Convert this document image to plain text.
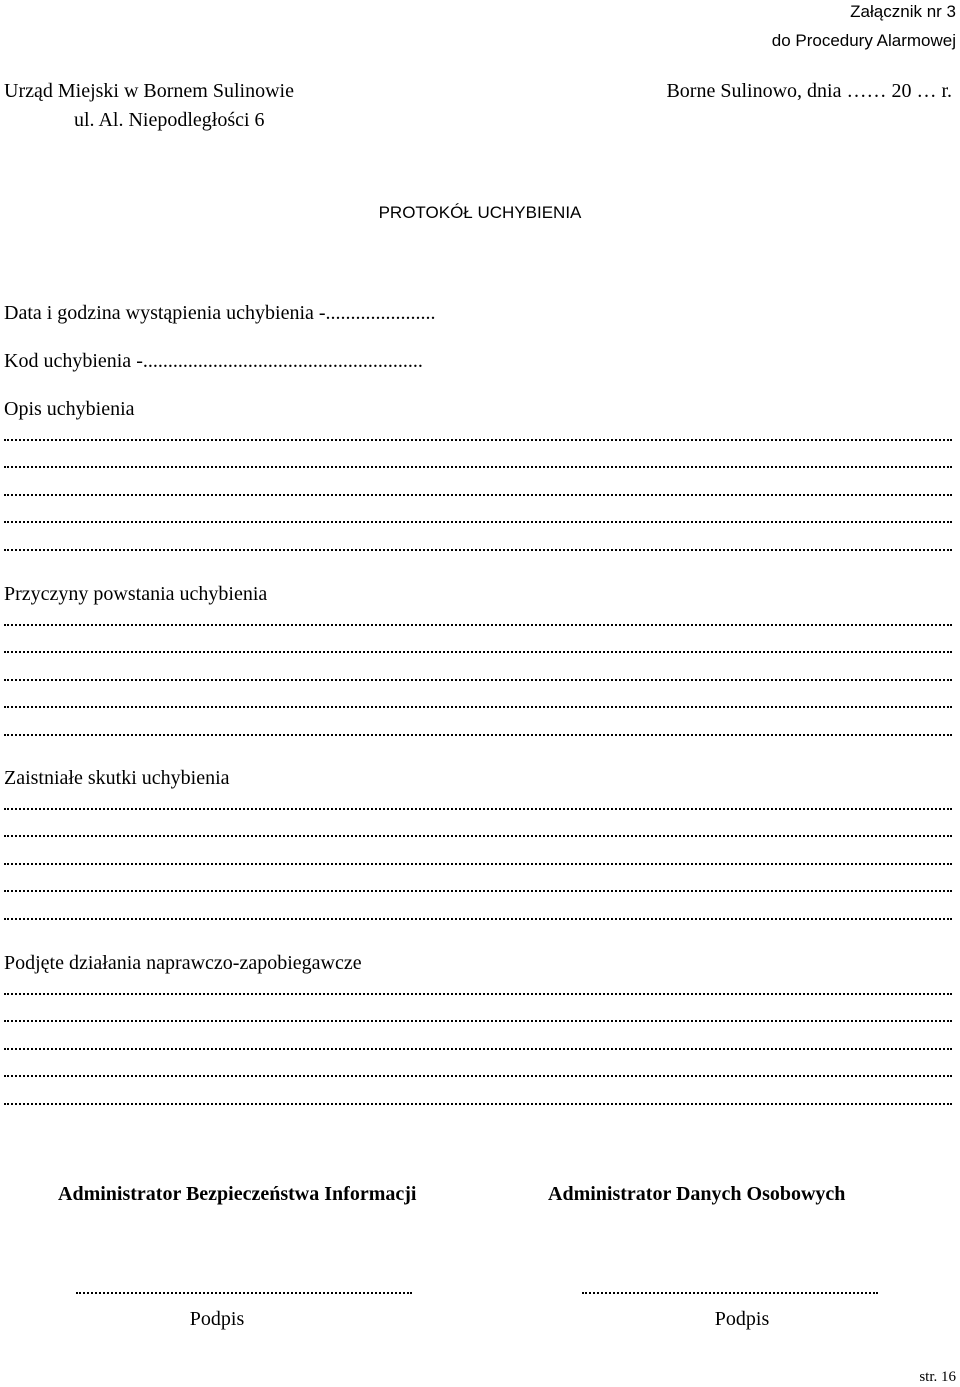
Załącznik nr 3
do Procedury Alarmowej
Urząd Miejski w Bornem Sulinowie
ul. Al. Niepodległości 6
Borne Sulinowo, dnia …… 20 … r.
PROTOKÓŁ UCHYBIENIA
Data i godzina wystąpienia uchybienia -......................
Kod uchybienia -........................................................
Opis uchybienia
Przyczyny powstania uchybienia
Zaistniałe skutki uchybienia
Podjęte działania naprawczo-zapobiegawcze
Administrator Bezpieczeństwa Informacji	Administrator Danych Osobowych
Podpis	Podpis
str. 16
